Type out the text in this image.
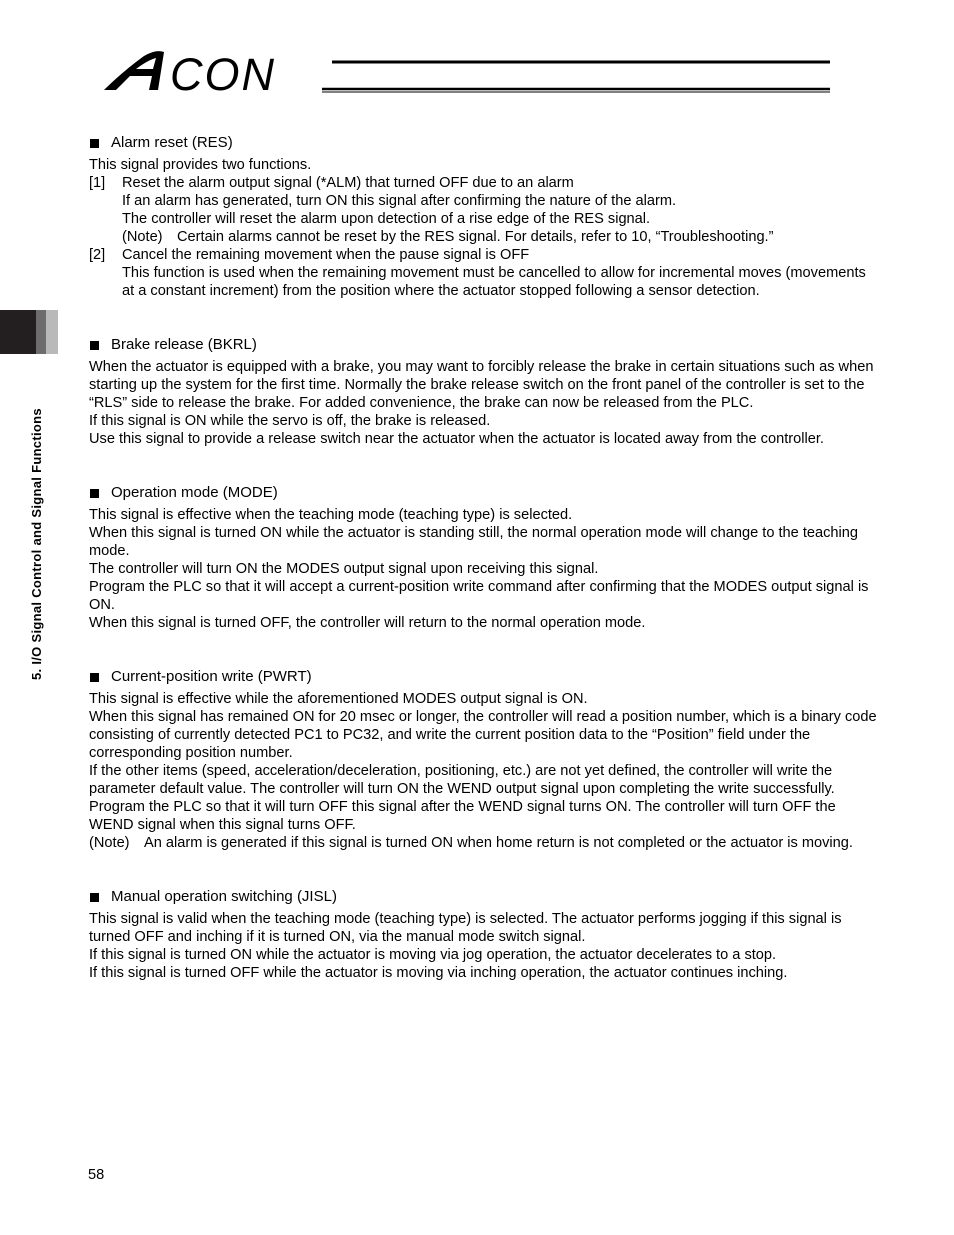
CON
5. I/O Signal Control and Signal Functions
Alarm reset (RES)

This signal provides two functions.

[1] Reset the alarm output signal (*ALM) that turned OFF due to an alarm

If an alarm has generated, turn ON this signal after confirming the nature of the alarm.

The controller will reset the alarm upon detection of a rise edge of the RES signal.

(Note) Certain alarms cannot be reset by the RES signal. For details, refer to 10, “Troubleshooting.”
[2] Cancel the remaining movement when the pause signal is OFF

This function is used when the remaining movement must be cancelled to allow for incremental moves (movements at a constant increment) from the position where the actuator stopped following a sensor detection.

Brake release (BKRL)

When the actuator is equipped with a brake, you may want to forcibly release the brake in certain situations such as when starting up the system for the first time. Normally the brake release switch on the front panel of the controller is set to the “RLS” side to release the brake. For added convenience, the brake can now be released from the PLC.

If this signal is ON while the servo is off, the brake is released.

Use this signal to provide a release switch near the actuator when the actuator is located away from the controller.

Operation mode (MODE)

This signal is effective when the teaching mode (teaching type) is selected.

When this signal is turned ON while the actuator is standing still, the normal operation mode will change to the teaching mode.

The controller will turn ON the MODES output signal upon receiving this signal.

Program the PLC so that it will accept a current-position write command after confirming that the MODES output signal is ON.

When this signal is turned OFF, the controller will return to the normal operation mode.

Current-position write (PWRT)

This signal is effective while the aforementioned MODES output signal is ON.

When this signal has remained ON for 20 msec or longer, the controller will read a position number, which is a binary code consisting of currently detected PC1 to PC32, and write the current position data to the “Position” field under the corresponding position number.

If the other items (speed, acceleration/deceleration, positioning, etc.) are not yet defined, the controller will write the parameter default value. The controller will turn ON the WEND output signal upon completing the write successfully.

Program the PLC so that it will turn OFF this signal after the WEND signal turns ON. The controller will turn OFF the WEND signal when this signal turns OFF.

(Note) An alarm is generated if this signal is turned ON when home return is not completed or the actuator is moving.
Manual operation switching (JISL)

This signal is valid when the teaching mode (teaching type) is selected. The actuator performs jogging if this signal is turned OFF and inching if it is turned ON, via the manual mode switch signal.

If this signal is turned ON while the actuator is moving via jog operation, the actuator decelerates to a stop.

If this signal is turned OFF while the actuator is moving via inching operation, the actuator continues inching.

58
